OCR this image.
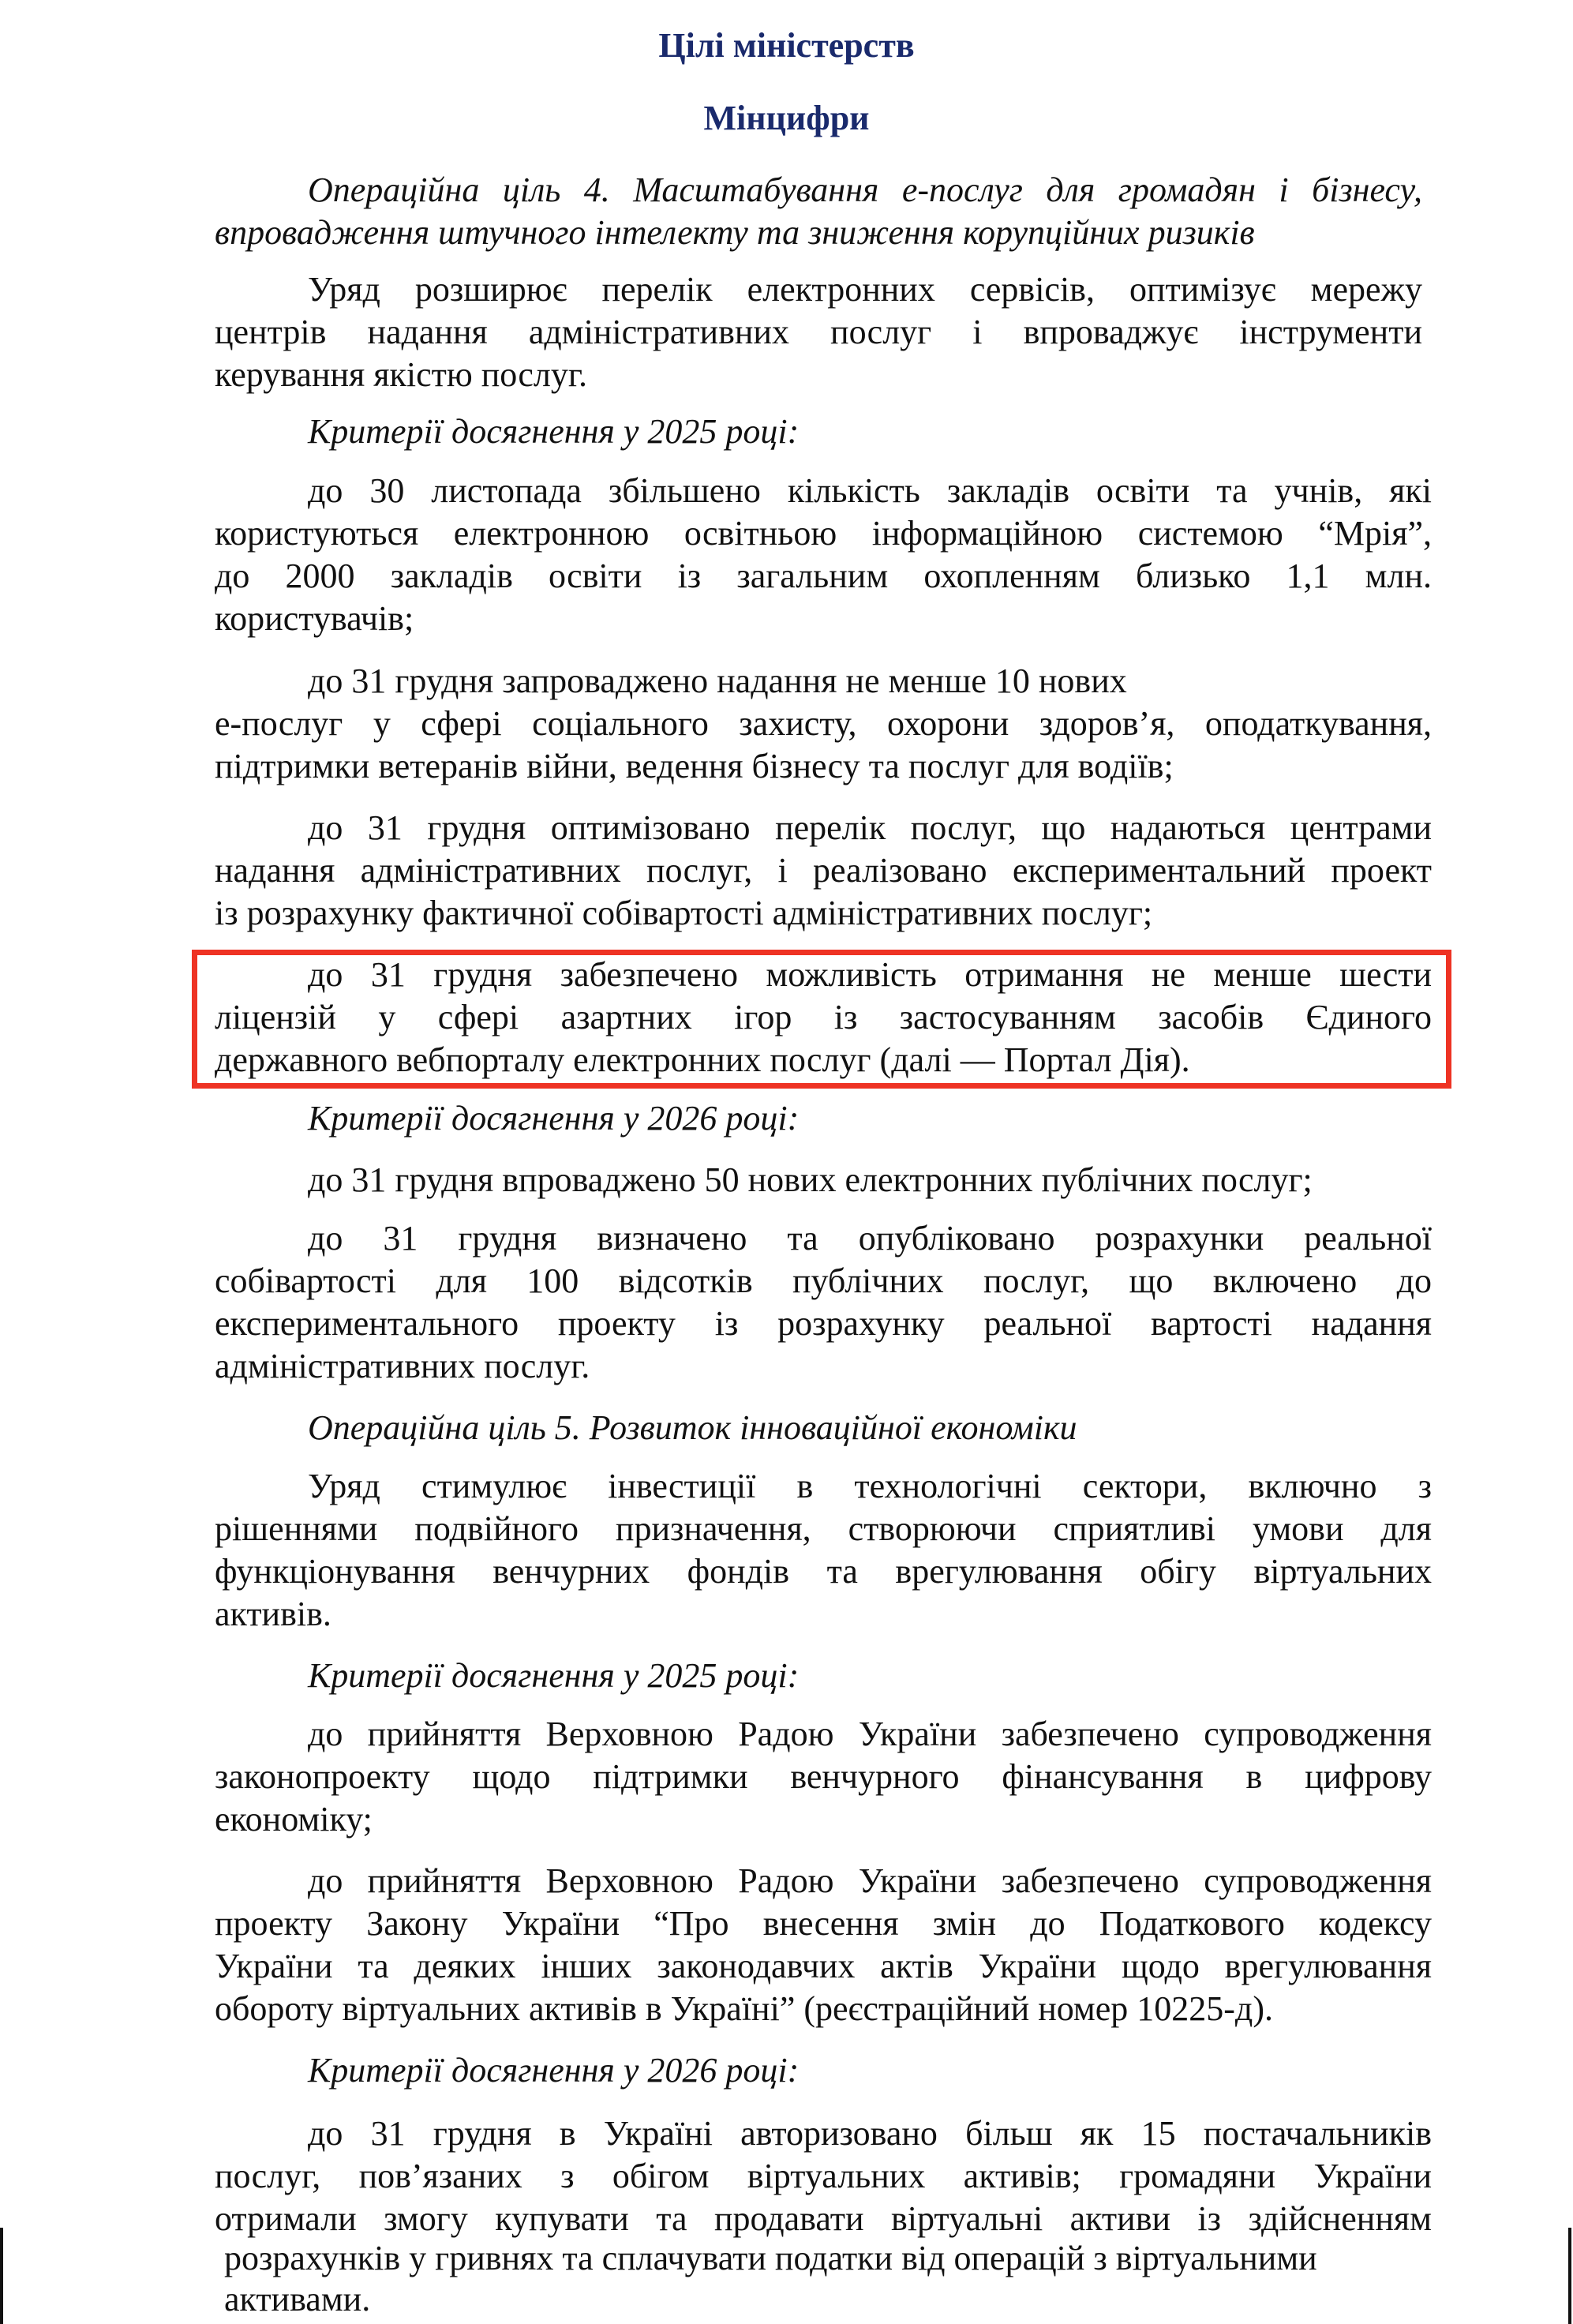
Цілі міністерств
Мінцифри
Операційна ціль 4. Масштабування е-послуг для громадян і бізнесу,
впровадження штучного інтелекту та зниження корупційних ризиків
Уряд розширює перелік електронних сервісів, оптимізує мережу
центрів надання адміністративних послуг і впроваджує інструменти
керування якістю послуг.
Критерії досягнення у 2025 році:
до 30 листопада збільшено кількість закладів освіти та учнів, які
користуються електронною освітньою інформаційною системою “Мрія”,
до 2000 закладів освіти із загальним охопленням близько 1,1 млн.
користувачів;
до 31 грудня запроваджено надання не менше 10 нових
е-послуг у сфері соціального захисту, охорони здоров’я, оподаткування,
підтримки ветеранів війни, ведення бізнесу та послуг для водіїв;
до 31 грудня оптимізовано перелік послуг, що надаються центрами
надання адміністративних послуг, і реалізовано експериментальний проект
із розрахунку фактичної собівартості адміністративних послуг;
до 31 грудня забезпечено можливість отримання не менше шести
ліцензій у сфері азартних ігор із застосуванням засобів Єдиного
державного вебпорталу електронних послуг (далі — Портал Дія).
Критерії досягнення у 2026 році:
до 31 грудня впроваджено 50 нових електронних публічних послуг;
до 31 грудня визначено та опубліковано розрахунки реальної
собівартості для 100 відсотків публічних послуг, що включено до
експериментального проекту із розрахунку реальної вартості надання
адміністративних послуг.
Операційна ціль 5. Розвиток інноваційної економіки
Уряд стимулює інвестиції в технологічні сектори, включно з
рішеннями подвійного призначення, створюючи сприятливі умови для
функціонування венчурних фондів та врегулювання обігу віртуальних
активів.
Критерії досягнення у 2025 році:
до прийняття Верховною Радою України забезпечено супроводження
законопроекту щодо підтримки венчурного фінансування в цифрову
економіку;
до прийняття Верховною Радою України забезпечено супроводження
проекту Закону України “Про внесення змін до Податкового кодексу
України та деяких інших законодавчих актів України щодо врегулювання
обороту віртуальних активів в Україні” (реєстраційний номер 10225-д).
Критерії досягнення у 2026 році:
до 31 грудня в Україні авторизовано більш як 15 постачальників
послуг, пов’язаних з обігом віртуальних активів; громадяни України
отримали змогу купувати та продавати віртуальні активи із здійсненням
розрахунків у гривнях та сплачувати податки від операцій з віртуальними
активами.
